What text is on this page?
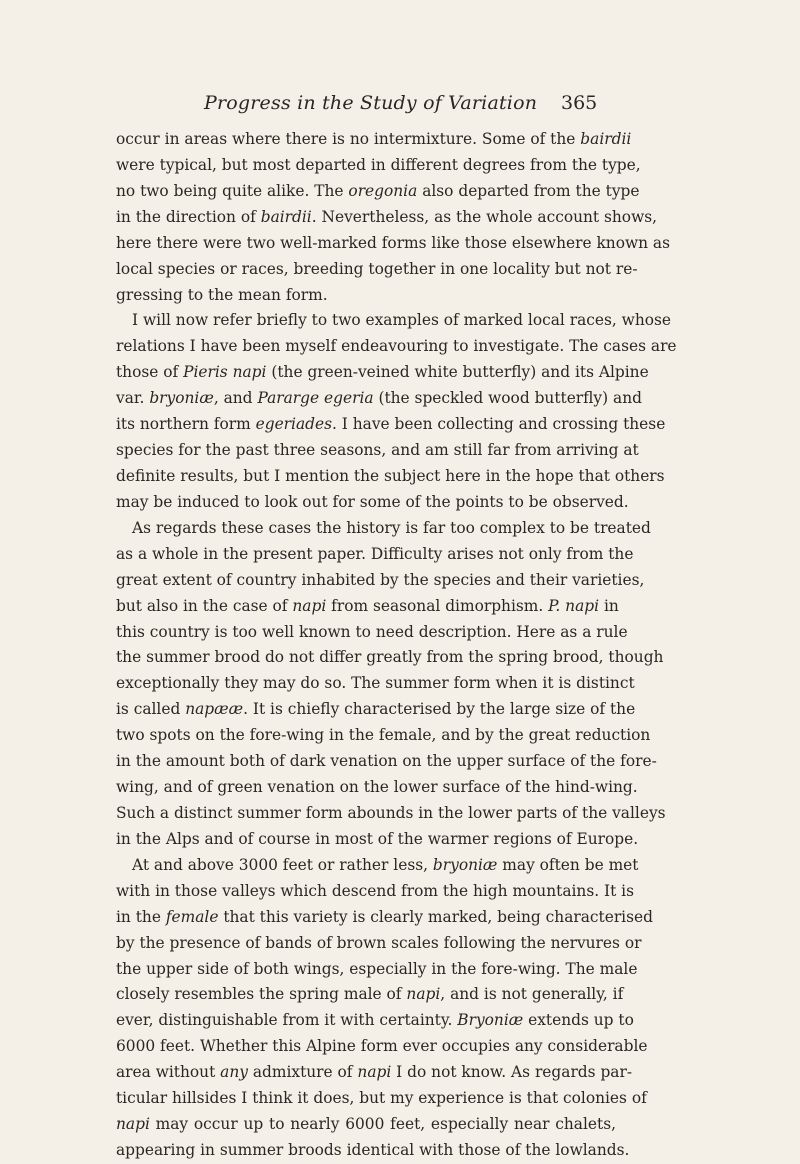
Progress in the Study of Variation 365
occur in areas where there is no intermixture. Some of the bairdii
were typical, but most departed in different degrees from the type,
no two being quite alike. The oregonia also departed from the type
in the direction of bairdii. Nevertheless, as the whole account shows,
here there were two well-marked forms like those elsewhere known as
local species or races, breeding together in one locality but not re-
gressing to the mean form.
I will now refer briefly to two examples of marked local races, whose
relations I have been myself endeavouring to investigate. The cases are
those of Pieris napi (the green-veined white butterfly) and its Alpine
var. bryoniæ, and Pararge egeria (the speckled wood butterfly) and
its northern form egeriades. I have been collecting and crossing these
species for the past three seasons, and am still far from arriving at
definite results, but I mention the subject here in the hope that others
may be induced to look out for some of the points to be observed.
As regards these cases the history is far too complex to be treated
as a whole in the present paper. Difficulty arises not only from the
great extent of country inhabited by the species and their varieties,
but also in the case of napi from seasonal dimorphism. P. napi in
this country is too well known to need description. Here as a rule
the summer brood do not differ greatly from the spring brood, though
exceptionally they may do so. The summer form when it is distinct
is called napææ. It is chiefly characterised by the large size of the
two spots on the fore-wing in the female, and by the great reduction
in the amount both of dark venation on the upper surface of the fore-
wing, and of green venation on the lower surface of the hind-wing.
Such a distinct summer form abounds in the lower parts of the valleys
in the Alps and of course in most of the warmer regions of Europe.
At and above 3000 feet or rather less, bryoniæ may often be met
with in those valleys which descend from the high mountains. It is
in the female that this variety is clearly marked, being characterised
by the presence of bands of brown scales following the nervures or
the upper side of both wings, especially in the fore-wing. The male
closely resembles the spring male of napi, and is not generally, if
ever, distinguishable from it with certainty. Bryoniæ extends up to
6000 feet. Whether this Alpine form ever occupies any considerable
area without any admixture of napi I do not know. As regards par-
ticular hillsides I think it does, but my experience is that colonies of
napi may occur up to nearly 6000 feet, especially near chalets,
appearing in summer broods identical with those of the lowlands.
